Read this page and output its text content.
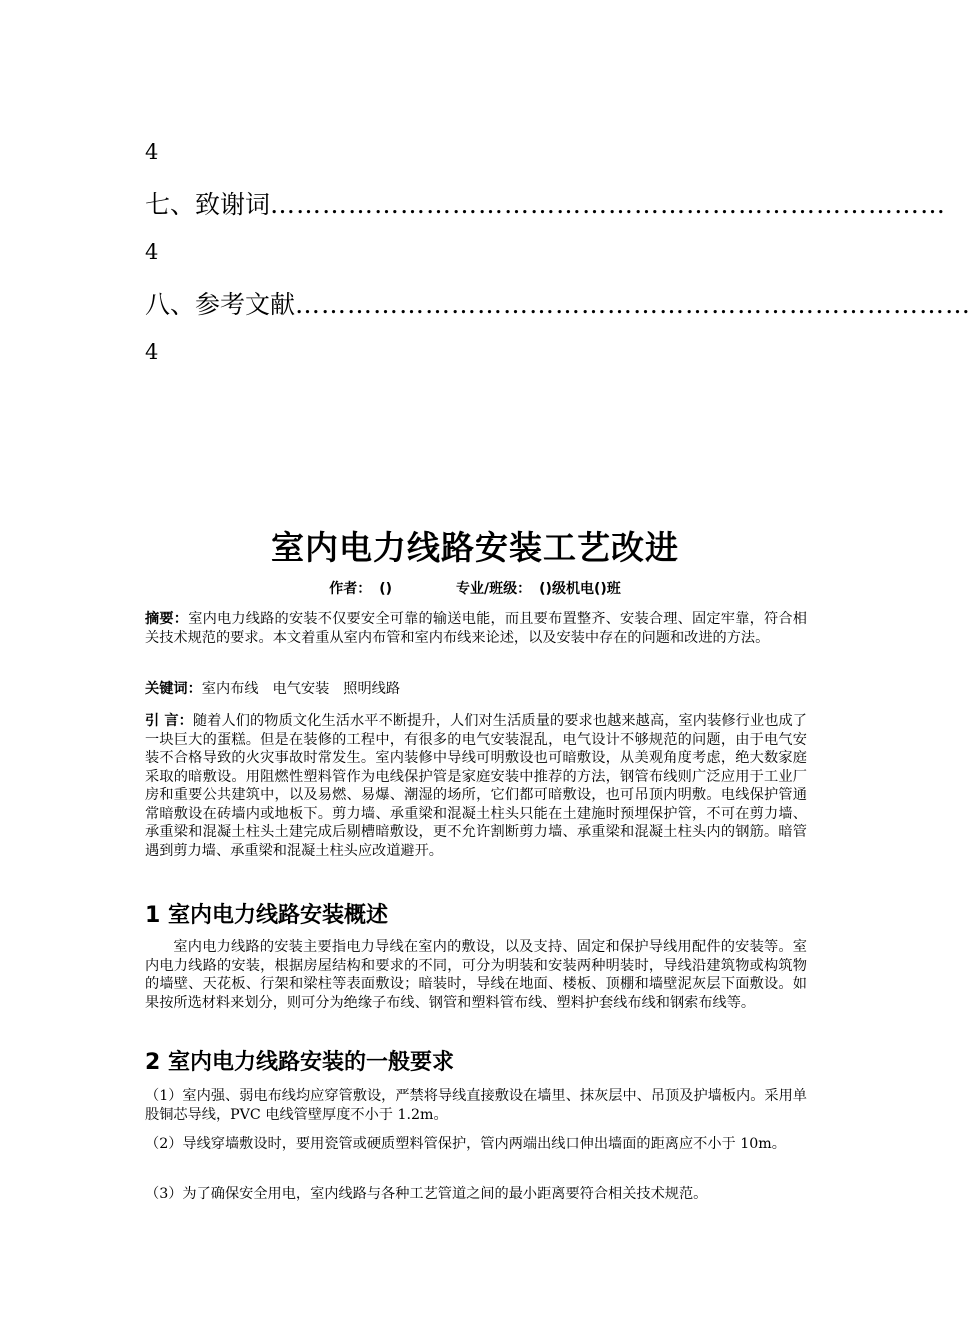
4
七、致谢词 ……………………………………………………………………
4
八、参考文献 ……………………………………………………………………
4
室内电力线路安装工艺改进
作者： ()	专业/班级： ()级机电()班
摘要：室内电力线路的安装不仅要安全可靠的输送电能，而且要布置整齐、安装合理、固定牢靠，符合相关技术规范的要求。本文着重从室内布管和室内布线来论述，以及安装中存在的问题和改进的方法。
关键词：室内布线 电气安装 照明线路
引 言：随着人们的物质文化生活水平不断提升，人们对生活质量的要求也越来越高，室内装修行业也成了一块巨大的蛋糕。但是在装修的工程中，有很多的电气安装混乱，电气设计不够规范的问题，由于电气安装不合格导致的火灾事故时常发生。室内装修中导线可明敷设也可暗敷设，从美观角度考虑，绝大数家庭采取的暗敷设。用阻燃性塑料管作为电线保护管是家庭安装中推荐的方法，钢管布线则广泛应用于工业厂房和重要公共建筑中，以及易燃、易爆、潮湿的场所，它们都可暗敷设，也可吊顶内明敷。电线保护管通常暗敷设在砖墙内或地板下。剪力墙、承重梁和混凝土柱头只能在土建施时预埋保护管，不可在剪力墙、承重梁和混凝土柱头土建完成后剔槽暗敷设，更不允许割断剪力墙、承重梁和混凝土柱头内的钢筋。暗管遇到剪力墙、承重梁和混凝土柱头应改道避开。
1 室内电力线路安装概述
室内电力线路的安装主要指电力导线在室内的敷设，以及支持、固定和保护导线用配件的安装等。室内电力线路的安装，根据房屋结构和要求的不同，可分为明装和安装两种明装时，导线沿建筑物或构筑物的墙壁、天花板、行架和梁柱等表面敷设；暗装时，导线在地面、楼板、顶棚和墙壁泥灰层下面敷设。如果按所选材料来划分，则可分为绝缘子布线、钢管和塑料管布线、塑料护套线布线和钢索布线等。
2 室内电力线路安装的一般要求
（1）室内强、弱电布线均应穿管敷设，严禁将导线直接敷设在墙里、抹灰层中、吊顶及护墙板内。采用单股铜芯导线，PVC 电线管壁厚度不小于 1.2m。
（2）导线穿墙敷设时，要用瓷管或硬质塑料管保护，管内两端出线口伸出墙面的距离应不小于 10m。
（3）为了确保安全用电，室内线路与各种工艺管道之间的最小距离要符合相关技术规范。
